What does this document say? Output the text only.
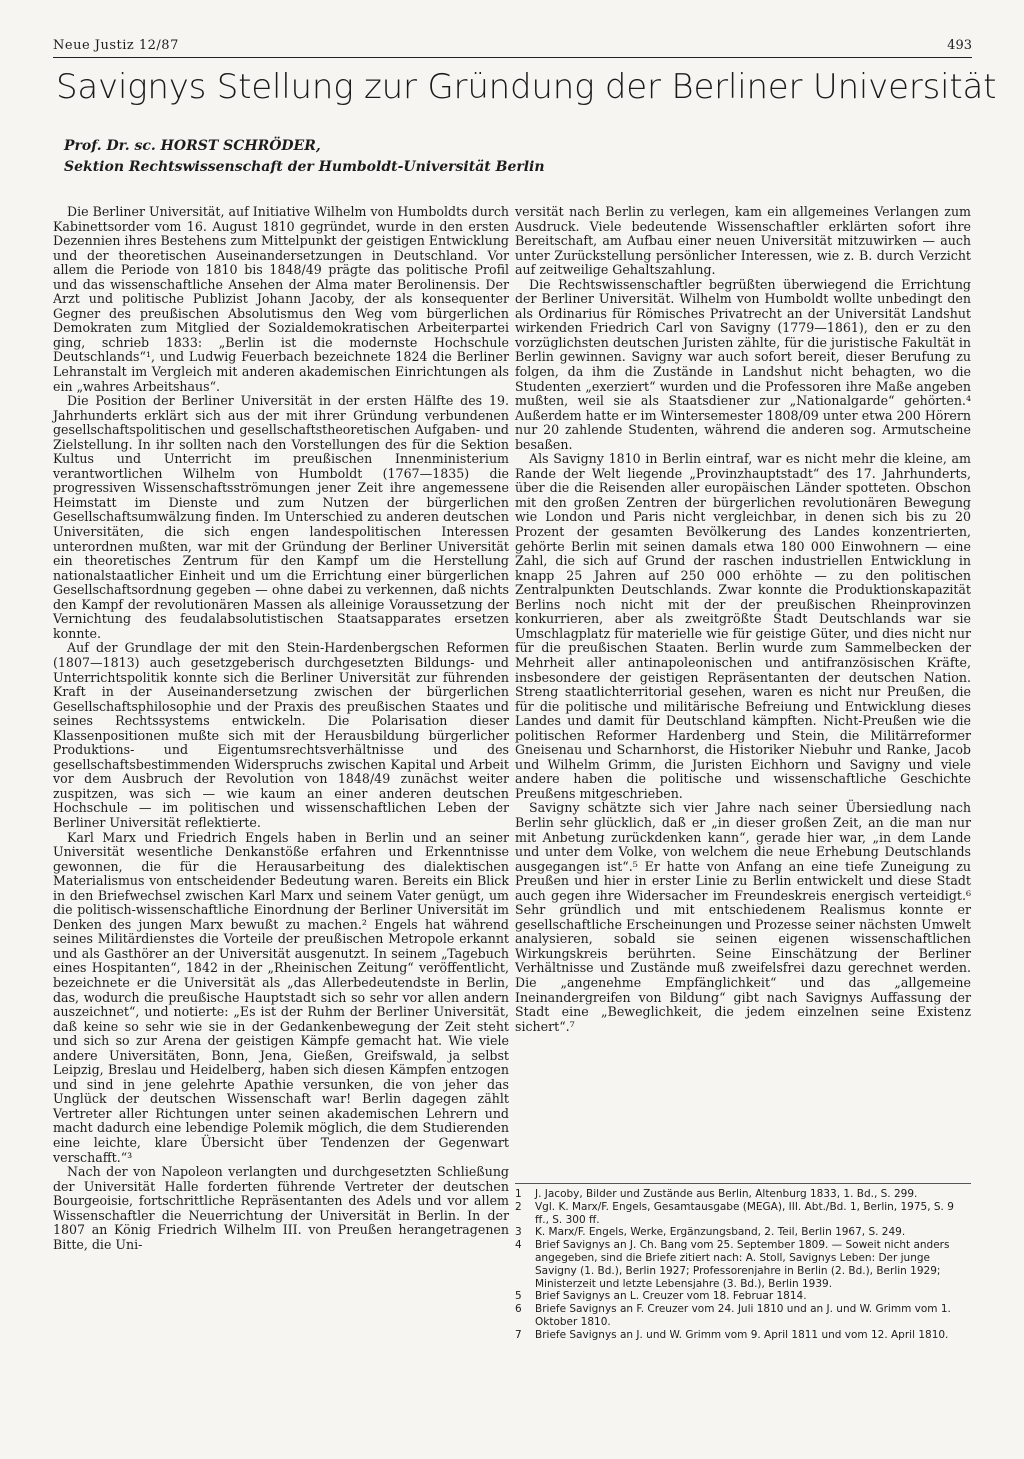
Neue Justiz 12/87	493
Savignys Stellung zur Gründung der Berliner Universität
Prof. Dr. sc. HORST SCHRÖDER,
Sektion Rechtswissenschaft der Humboldt-Universität Berlin

Die Berliner Universität, auf Initiative Wilhelm von Humboldts durch Kabinettsorder vom 16. August 1810 gegründet, wurde in den ersten Dezennien ihres Bestehens zum Mittelpunkt der geistigen Entwicklung und der theoretischen Auseinandersetzungen in Deutschland. Vor allem die Periode von 1810 bis 1848/49 prägte das politische Profil und das wissenschaftliche Ansehen der Alma mater Berolinensis. Der Arzt und politische Publizist Johann Jacoby, der als konsequenter Gegner des preußischen Absolutismus den Weg vom bürgerlichen Demokraten zum Mitglied der Sozialdemokratischen Arbeiterpartei ging, schrieb 1833: „Berlin ist die modernste Hochschule Deutschlands“¹, und Ludwig Feuerbach bezeichnete 1824 die Berliner Lehranstalt im Vergleich mit anderen akademischen Einrichtungen als ein „wahres Arbeitshaus“.

Die Position der Berliner Universität in der ersten Hälfte des 19. Jahrhunderts erklärt sich aus der mit ihrer Gründung verbundenen gesellschaftspolitischen und gesellschaftstheoretischen Aufgaben- und Zielstellung. In ihr sollten nach den Vorstellungen des für die Sektion Kultus und Unterricht im preußischen Innenministerium verantwortlichen Wilhelm von Humboldt (1767—1835) die progressiven Wissenschaftsströmungen jener Zeit ihre angemessene Heimstatt im Dienste und zum Nutzen der bürgerlichen Gesellschaftsumwälzung finden. Im Unterschied zu anderen deutschen Universitäten, die sich engen landespolitischen Interessen unterordnen mußten, war mit der Gründung der Berliner Universität ein theoretisches Zentrum für den Kampf um die Herstellung nationalstaatlicher Einheit und um die Errichtung einer bürgerlichen Gesellschaftsordnung gegeben — ohne dabei zu verkennen, daß nichts den Kampf der revolutionären Massen als alleinige Voraussetzung der Vernichtung des feudalabsolutistischen Staatsapparates ersetzen konnte.

Auf der Grundlage der mit den Stein-Hardenbergschen Reformen (1807—1813) auch gesetzgeberisch durchgesetzten Bildungs- und Unterrichtspolitik konnte sich die Berliner Universität zur führenden Kraft in der Auseinandersetzung zwischen der bürgerlichen Gesellschaftsphilosophie und der Praxis des preußischen Staates und seines Rechtssystems entwickeln. Die Polarisation dieser Klassenpositionen mußte sich mit der Herausbildung bürgerlicher Produktions- und Eigentumsrechtsverhältnisse und des gesellschaftsbestimmenden Widerspruchs zwischen Kapital und Arbeit vor dem Ausbruch der Revolution von 1848/49 zunächst weiter zuspitzen, was sich — wie kaum an einer anderen deutschen Hochschule — im politischen und wissenschaftlichen Leben der Berliner Universität reflektierte.

Karl Marx und Friedrich Engels haben in Berlin und an seiner Universität wesentliche Denkanstöße erfahren und Erkenntnisse gewonnen, die für die Herausarbeitung des dialektischen Materialismus von entscheidender Bedeutung waren. Bereits ein Blick in den Briefwechsel zwischen Karl Marx und seinem Vater genügt, um die politisch-wissenschaftliche Einordnung der Berliner Universität im Denken des jungen Marx bewußt zu machen.² Engels hat während seines Militärdienstes die Vorteile der preußischen Metropole erkannt und als Gasthörer an der Universität ausgenutzt. In seinem „Tagebuch eines Hospitanten“, 1842 in der „Rheinischen Zeitung“ veröffentlicht, bezeichnete er die Universität als „das Allerbedeutendste in Berlin, das, wodurch die preußische Hauptstadt sich so sehr vor allen andern auszeichnet“, und notierte: „Es ist der Ruhm der Berliner Universität, daß keine so sehr wie sie in der Gedankenbewegung der Zeit steht und sich so zur Arena der geistigen Kämpfe gemacht hat. Wie viele andere Universitäten, Bonn, Jena, Gießen, Greifswald, ja selbst Leipzig, Breslau und Heidelberg, haben sich diesen Kämpfen entzogen und sind in jene gelehrte Apathie versunken, die von jeher das Unglück der deutschen Wissenschaft war! Berlin dagegen zählt Vertreter aller Richtungen unter seinen akademischen Lehrern und macht dadurch eine lebendige Polemik möglich, die dem Studierenden eine leichte, klare Übersicht über Tendenzen der Gegenwart verschafft.“³

Nach der von Napoleon verlangten und durchgesetzten Schließung der Universität Halle forderten führende Vertreter der deutschen Bourgeoisie, fortschrittliche Repräsentanten des Adels und vor allem Wissenschaftler die Neuerrichtung der Universität in Berlin. In der 1807 an König Friedrich Wilhelm III. von Preußen herangetragenen Bitte, die Uni-

versität nach Berlin zu verlegen, kam ein allgemeines Verlangen zum Ausdruck. Viele bedeutende Wissenschaftler erklärten sofort ihre Bereitschaft, am Aufbau einer neuen Universität mitzuwirken — auch unter Zurückstellung persönlicher Interessen, wie z. B. durch Verzicht auf zeitweilige Gehaltszahlung.

Die Rechtswissenschaftler begrüßten überwiegend die Errichtung der Berliner Universität. Wilhelm von Humboldt wollte unbedingt den als Ordinarius für Römisches Privatrecht an der Universität Landshut wirkenden Friedrich Carl von Savigny (1779—1861), den er zu den vorzüglichsten deutschen Juristen zählte, für die juristische Fakultät in Berlin gewinnen. Savigny war auch sofort bereit, dieser Berufung zu folgen, da ihm die Zustände in Landshut nicht behagten, wo die Studenten „exerziert“ wurden und die Professoren ihre Maße angeben mußten, weil sie als Staatsdiener zur „Nationalgarde“ gehörten.⁴ Außerdem hatte er im Wintersemester 1808/09 unter etwa 200 Hörern nur 20 zahlende Studenten, während die anderen sog. Armutscheine besaßen.

Als Savigny 1810 in Berlin eintraf, war es nicht mehr die kleine, am Rande der Welt liegende „Provinzhauptstadt“ des 17. Jahrhunderts, über die die Reisenden aller europäischen Länder spotteten. Obschon mit den großen Zentren der bürgerlichen revolutionären Bewegung wie London und Paris nicht vergleichbar, in denen sich bis zu 20 Prozent der gesamten Bevölkerung des Landes konzentrierten, gehörte Berlin mit seinen damals etwa 180 000 Einwohnern — eine Zahl, die sich auf Grund der raschen industriellen Entwicklung in knapp 25 Jahren auf 250 000 erhöhte — zu den politischen Zentralpunkten Deutschlands. Zwar konnte die Produktionskapazität Berlins noch nicht mit der der preußischen Rheinprovinzen konkurrieren, aber als zweitgrößte Stadt Deutschlands war sie Umschlagplatz für materielle wie für geistige Güter, und dies nicht nur für die preußischen Staaten. Berlin wurde zum Sammelbecken der Mehrheit aller antinapoleonischen und antifranzösischen Kräfte, insbesondere der geistigen Repräsentanten der deutschen Nation. Streng staatlichterritorial gesehen, waren es nicht nur Preußen, die für die politische und militärische Befreiung und Entwicklung dieses Landes und damit für Deutschland kämpften. Nicht-Preußen wie die politischen Reformer Hardenberg und Stein, die Militärreformer Gneisenau und Scharnhorst, die Historiker Niebuhr und Ranke, Jacob und Wilhelm Grimm, die Juristen Eichhorn und Savigny und viele andere haben die politische und wissenschaftliche Geschichte Preußens mitgeschrieben.

Savigny schätzte sich vier Jahre nach seiner Übersiedlung nach Berlin sehr glücklich, daß er „in dieser großen Zeit, an die man nur mit Anbetung zurückdenken kann“, gerade hier war, „in dem Lande und unter dem Volke, von welchem die neue Erhebung Deutschlands ausgegangen ist“.⁵ Er hatte von Anfang an eine tiefe Zuneigung zu Preußen und hier in erster Linie zu Berlin entwickelt und diese Stadt auch gegen ihre Widersacher im Freundeskreis energisch verteidigt.⁶ Sehr gründlich und mit entschiedenem Realismus konnte er gesellschaftliche Erscheinungen und Prozesse seiner nächsten Umwelt analysieren, sobald sie seinen eigenen wissenschaftlichen Wirkungskreis berührten. Seine Einschätzung der Berliner Verhältnisse und Zustände muß zweifelsfrei dazu gerechnet werden. Die „angenehme Empfänglichkeit“ und das „allgemeine Ineinandergreifen von Bildung“ gibt nach Savignys Auffassung der Stadt eine „Beweglichkeit, die jedem einzelnen seine Existenz sichert“.⁷

1	J. Jacoby, Bilder und Zustände aus Berlin, Altenburg 1833, 1. Bd., S. 299.
2	Vgl. K. Marx/F. Engels, Gesamtausgabe (MEGA), III. Abt./Bd. 1, Berlin, 1975, S. 9 ff., S. 300 ff.
3	K. Marx/F. Engels, Werke, Ergänzungsband, 2. Teil, Berlin 1967, S. 249.
4	Brief Savignys an J. Ch. Bang vom 25. September 1809. — Soweit nicht anders angegeben, sind die Briefe zitiert nach: A. Stoll, Savignys Leben: Der junge Savigny (1. Bd.), Berlin 1927; Professorenjahre in Berlin (2. Bd.), Berlin 1929; Ministerzeit und letzte Lebensjahre (3. Bd.), Berlin 1939.
5	Brief Savignys an L. Creuzer vom 18. Februar 1814.
6	Briefe Savignys an F. Creuzer vom 24. Juli 1810 und an J. und W. Grimm vom 1. Oktober 1810.
7	Briefe Savignys an J. und W. Grimm vom 9. April 1811 und vom 12. April 1810.
